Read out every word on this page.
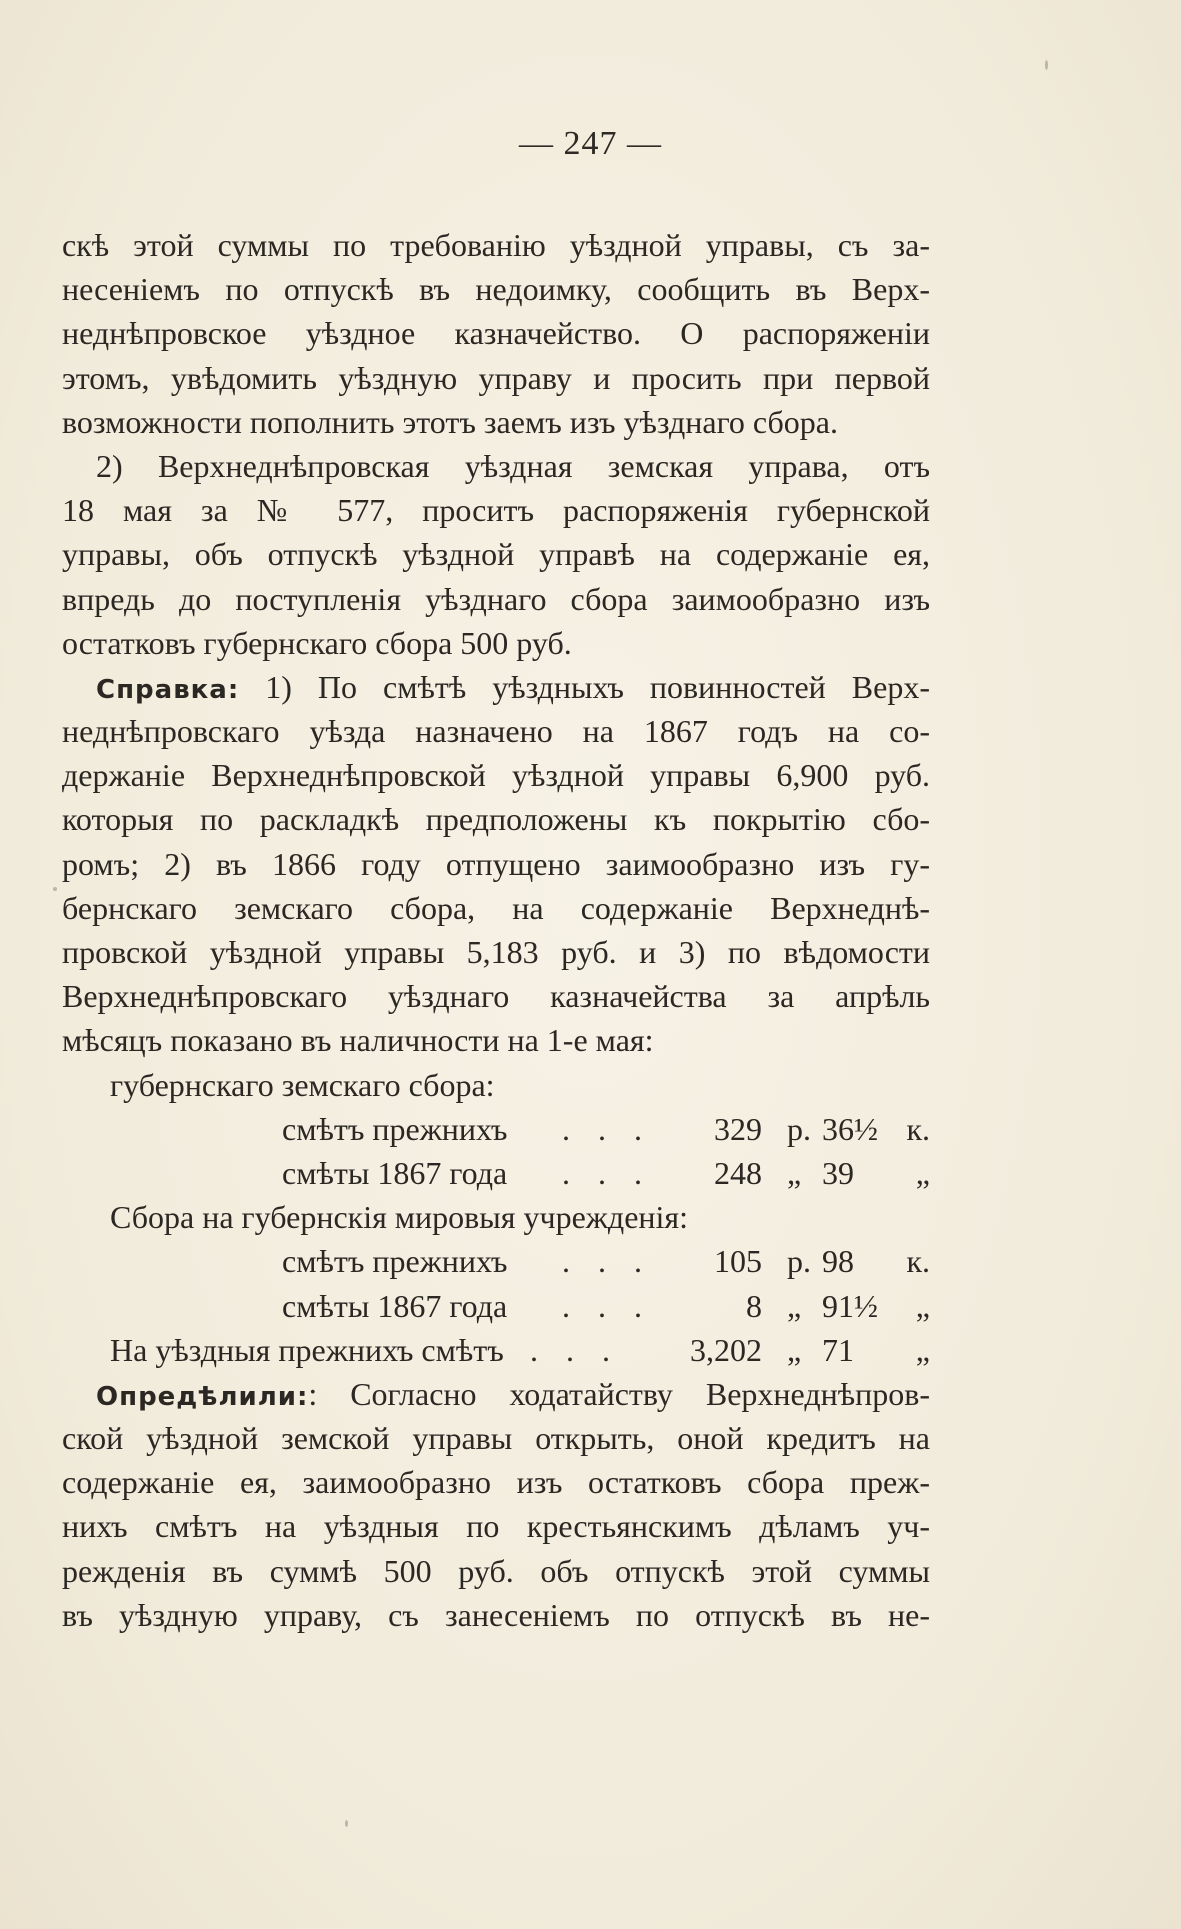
— 247 —
скѣ этой суммы по требованію уѣздной управы, съ за-
несеніемъ по отпускѣ въ недоимку, сообщить въ Верх-
неднѣпровское уѣздное казначейство. О распоряженіи
этомъ, увѣдомить уѣздную управу и просить при первой
возможности пополнить этотъ заемъ изъ уѣзднаго сбора.
2) Верхнеднѣпровская уѣздная земская управа, отъ
18 мая за № 577, проситъ распоряженія губернской
управы, объ отпускѣ уѣздной управѣ на содержаніе ея,
впредь до поступленія уѣзднаго сбора заимообразно изъ
остатковъ губернскаго сбора 500 руб.
Справка: 1) По смѣтѣ уѣздныхъ повинностей Верх-
неднѣпровскаго уѣзда назначено на 1867 годъ на со-
держаніе Верхнеднѣпровской уѣздной управы 6,900 руб.
которыя по раскладкѣ предположены къ покрытію сбо-
ромъ; 2) въ 1866 году отпущено заимообразно изъ гу-
бернскаго земскаго сбора, на содержаніе Верхнеднѣ-
провской уѣздной управы 5,183 руб. и 3) по вѣдомости
Верхнеднѣпровскаго уѣзднаго казначейства за апрѣль
мѣсяцъ показано въ наличности на 1-е мая:
губернскаго земскаго сбора:
смѣтъ прежнихъ . . .	329 р. 36½ к.
смѣты 1867 года . . .	248 „ 39	„
Сбора на губернскія мировыя учрежденія:
смѣтъ прежнихъ . . .	105 р. 98	к.
смѣты 1867 года . . .	8 „ 91½	„
На уѣздныя прежнихъ смѣтъ . . .	3,202 „ 71	„
Опредѣлили:: Согласно ходатайству Верхнеднѣпров-
ской уѣздной земской управы открыть, оной кредитъ на
содержаніе ея, заимообразно изъ остатковъ сбора преж-
нихъ смѣтъ на уѣздныя по крестьянскимъ дѣламъ уч-
режденія въ суммѣ 500 руб. объ отпускѣ этой суммы
въ уѣздную управу, съ занесеніемъ по отпускѣ въ не-
